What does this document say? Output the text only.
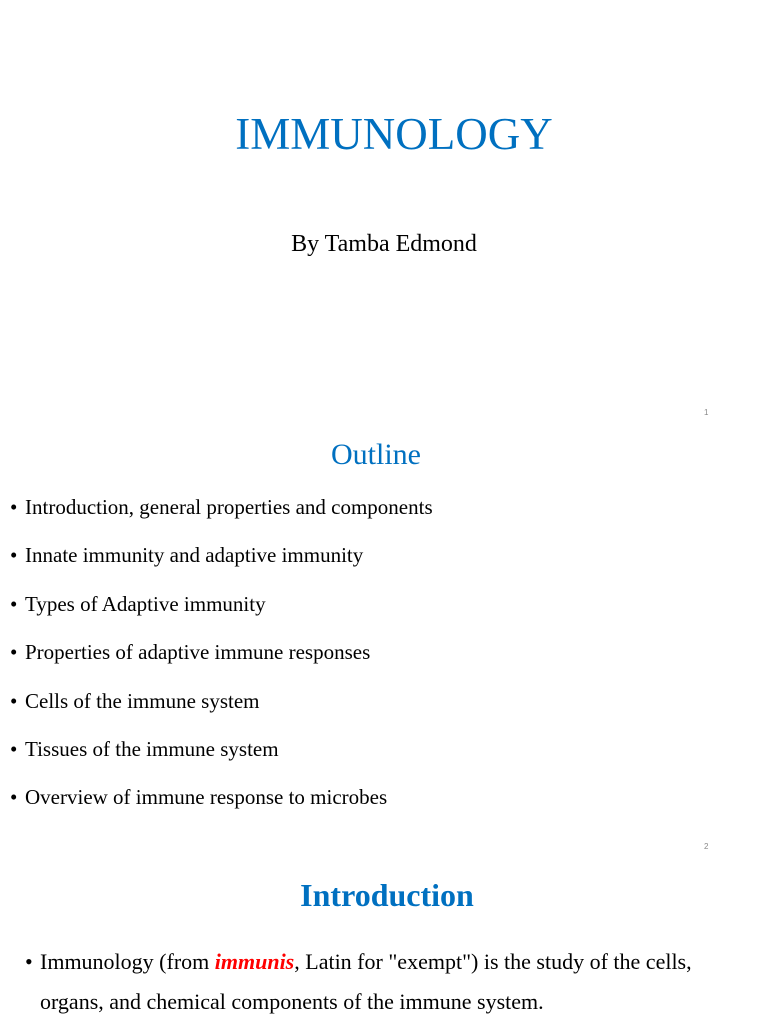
IMMUNOLOGY
By Tamba Edmond
1
Outline
• Introduction, general properties and components
• Innate immunity and adaptive immunity
• Types of Adaptive immunity
• Properties of adaptive immune responses
• Cells of the immune system
• Tissues of the immune system
• Overview of immune response to microbes
2
Introduction

• Immunology (from immunis, Latin for "exempt") is the study of the cells, organs, and chemical components of the immune system.
